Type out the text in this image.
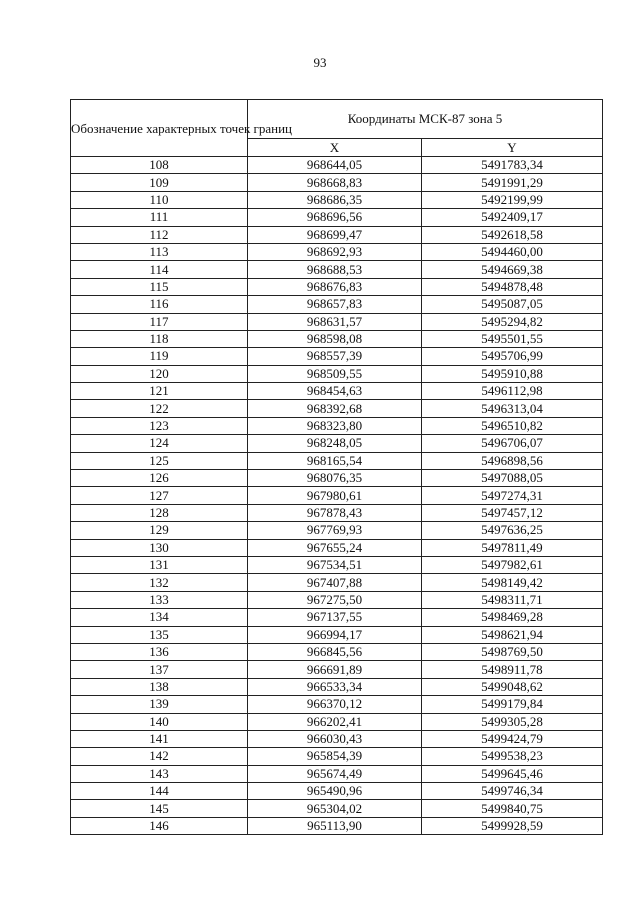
93
Обозначение характерных точек границ	Координаты МСК-87 зона 5	
	X	Y
108	968644,05	5491783,34
109	968668,83	5491991,29
110	968686,35	5492199,99
111	968696,56	5492409,17
112	968699,47	5492618,58
113	968692,93	5494460,00
114	968688,53	5494669,38
115	968676,83	5494878,48
116	968657,83	5495087,05
117	968631,57	5495294,82
118	968598,08	5495501,55
119	968557,39	5495706,99
120	968509,55	5495910,88
121	968454,63	5496112,98
122	968392,68	5496313,04
123	968323,80	5496510,82
124	968248,05	5496706,07
125	968165,54	5496898,56
126	968076,35	5497088,05
127	967980,61	5497274,31
128	967878,43	5497457,12
129	967769,93	5497636,25
130	967655,24	5497811,49
131	967534,51	5497982,61
132	967407,88	5498149,42
133	967275,50	5498311,71
134	967137,55	5498469,28
135	966994,17	5498621,94
136	966845,56	5498769,50
137	966691,89	5498911,78
138	966533,34	5499048,62
139	966370,12	5499179,84
140	966202,41	5499305,28
141	966030,43	5499424,79
142	965854,39	5499538,23
143	965674,49	5499645,46
144	965490,96	5499746,34
145	965304,02	5499840,75
146	965113,90	5499928,59
